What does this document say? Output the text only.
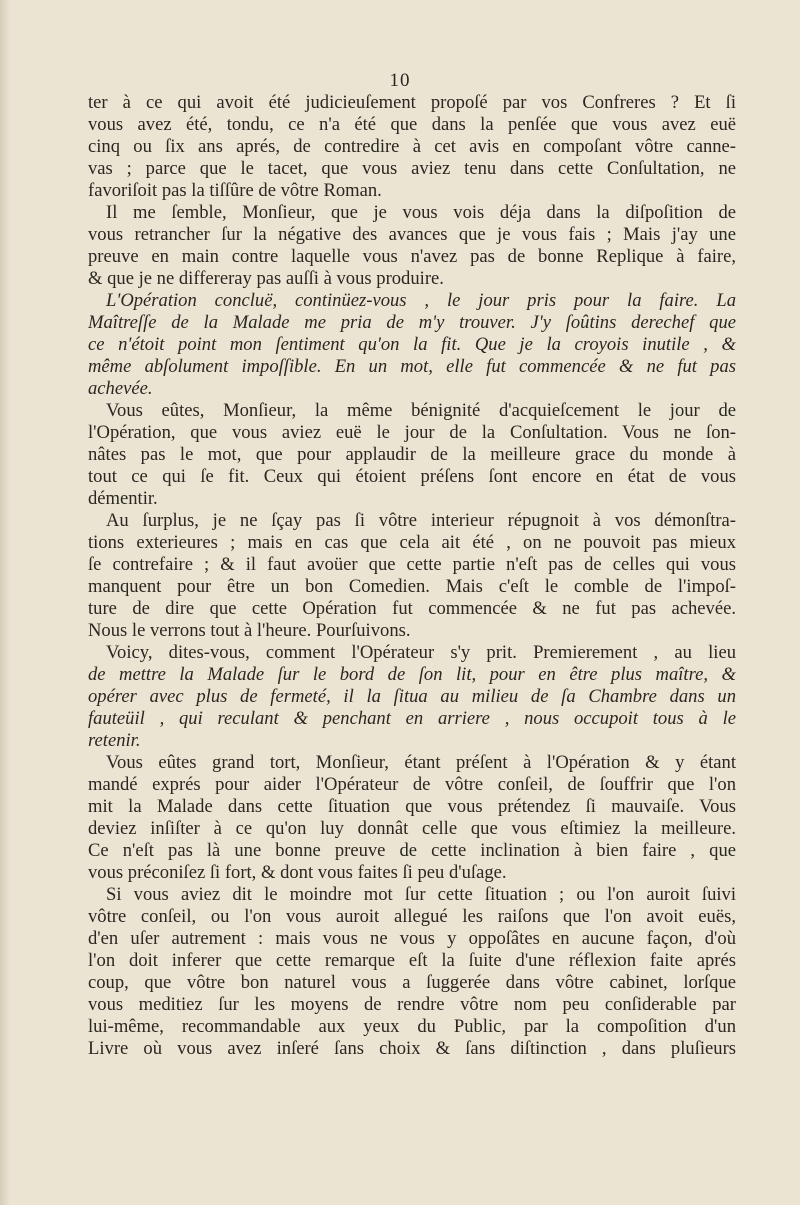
10
ter à ce qui avoit été judicieuſement propoſé par vos Confreres ? Et ſi
vous avez été, tondu, ce n'a été que dans la penſée que vous avez euë
cinq ou ſix ans aprés, de contredire à cet avis en compoſant vôtre canne-
vas ; parce que le tacet, que vous aviez tenu dans cette Conſultation, ne
favoriſoit pas la tiſſûre de vôtre Roman.
Il me ſemble, Monſieur, que je vous vois déja dans la diſpoſition de
vous retrancher ſur la négative des avances que je vous fais ; Mais j'ay une
preuve en main contre laquelle vous n'avez pas de bonne Replique à faire,
& que je ne differeray pas auſſi à vous produire.
L'Opération concluë, continüez-vous , le jour pris pour la faire. La
Maîtreſſe de la Malade me pria de m'y trouver. J'y ſoûtins derechef que
ce n'étoit point mon ſentiment qu'on la fit. Que je la croyois inutile , &
même abſolument impoſſible. En un mot, elle fut commencée & ne fut pas
achevée.
Vous eûtes, Monſieur, la même bénignité d'acquieſcement le jour de
l'Opération, que vous aviez euë le jour de la Conſultation. Vous ne ſon-
nâtes pas le mot, que pour applaudir de la meilleure grace du monde à
tout ce qui ſe fit. Ceux qui étoient préſens ſont encore en état de vous
démentir.
Au ſurplus, je ne ſçay pas ſi vôtre interieur répugnoit à vos démonſtra-
tions exterieures ; mais en cas que cela ait été , on ne pouvoit pas mieux
ſe contrefaire ; & il faut avoüer que cette partie n'eſt pas de celles qui vous
manquent pour être un bon Comedien. Mais c'eſt le comble de l'impoſ-
ture de dire que cette Opération fut commencée & ne fut pas achevée.
Nous le verrons tout à l'heure. Pourſuivons.
Voicy, dites-vous, comment l'Opérateur s'y prit. Premierement , au lieu
de mettre la Malade ſur le bord de ſon lit, pour en être plus maître, &
opérer avec plus de fermeté, il la ſitua au milieu de ſa Chambre dans un
fauteüil , qui reculant & penchant en arriere , nous occupoit tous à le
retenir.
Vous eûtes grand tort, Monſieur, étant préſent à l'Opération & y étant
mandé exprés pour aider l'Opérateur de vôtre conſeil, de ſouffrir que l'on
mit la Malade dans cette ſituation que vous prétendez ſi mauvaiſe. Vous
deviez inſiſter à ce qu'on luy donnât celle que vous eſtimiez la meilleure.
Ce n'eſt pas là une bonne preuve de cette inclination à bien faire , que
vous préconiſez ſi fort, & dont vous faites ſi peu d'uſage.
Si vous aviez dit le moindre mot ſur cette ſituation ; ou l'on auroit ſuivi
vôtre conſeil, ou l'on vous auroit allegué les raiſons que l'on avoit euës,
d'en uſer autrement : mais vous ne vous y oppoſâtes en aucune façon, d'où
l'on doit inferer que cette remarque eſt la ſuite d'une réflexion faite aprés
coup, que vôtre bon naturel vous a ſuggerée dans vôtre cabinet, lorſque
vous meditiez ſur les moyens de rendre vôtre nom peu conſiderable par
lui-même, recommandable aux yeux du Public, par la compoſition d'un
Livre où vous avez inſeré ſans choix & ſans diſtinction , dans pluſieurs
